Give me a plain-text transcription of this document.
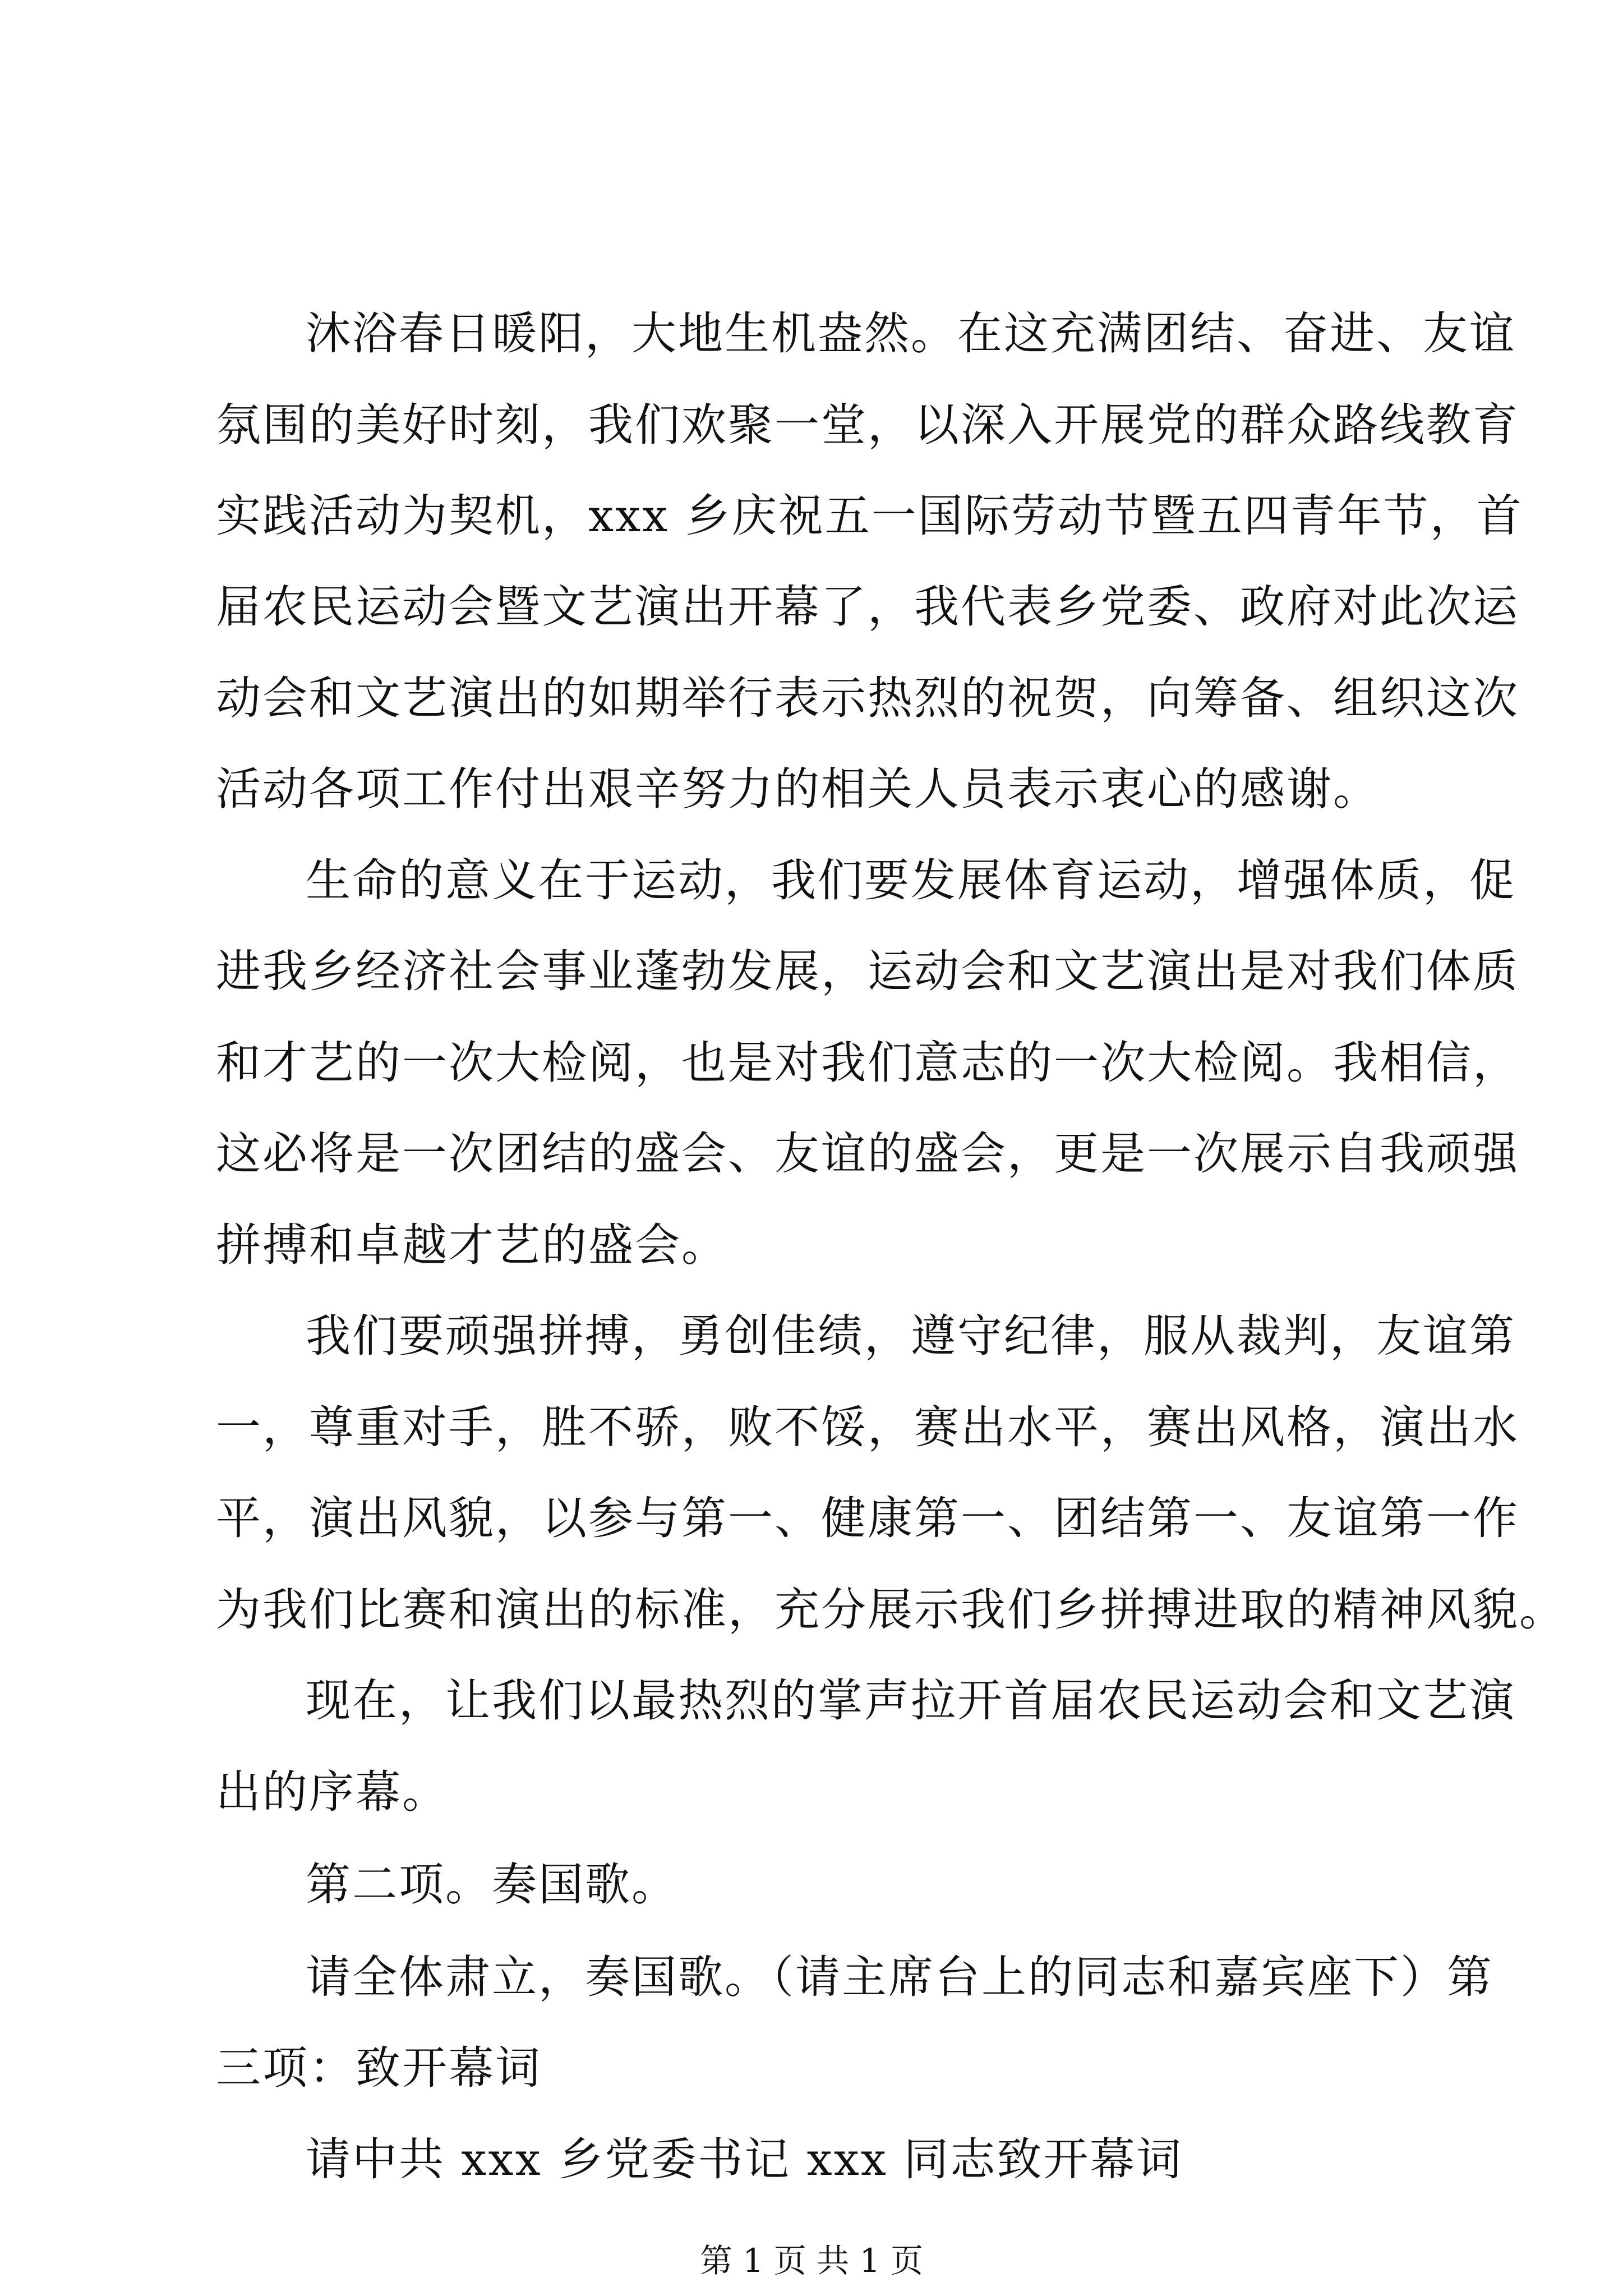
沐浴春日暖阳，大地生机盎然。在这充满团结、奋进、友谊

氛围的美好时刻，我们欢聚一堂，以深入开展党的群众路线教育

实践活动为契机，xxx 乡庆祝五一国际劳动节暨五四青年节，首

届农民运动会暨文艺演出开幕了，我代表乡党委、政府对此次运

动会和文艺演出的如期举行表示热烈的祝贺，向筹备、组织这次

活动各项工作付出艰辛努力的相关人员表示衷心的感谢。

生命的意义在于运动，我们要发展体育运动，增强体质，促

进我乡经济社会事业蓬勃发展，运动会和文艺演出是对我们体质

和才艺的一次大检阅，也是对我们意志的一次大检阅。我相信，

这必将是一次团结的盛会、友谊的盛会，更是一次展示自我顽强

拼搏和卓越才艺的盛会。

我们要顽强拼搏，勇创佳绩，遵守纪律，服从裁判，友谊第

一，尊重对手，胜不骄，败不馁，赛出水平，赛出风格，演出水

平，演出风貌，以参与第一、健康第一、团结第一、友谊第一作

为我们比赛和演出的标准，充分展示我们乡拼搏进取的精神风貌。

现在，让我们以最热烈的掌声拉开首届农民运动会和文艺演

出的序幕。

第二项。奏国歌。

请全体肃立，奏国歌。（请主席台上的同志和嘉宾座下）第

三项：致开幕词

请中共 xxx 乡党委书记 xxx 同志致开幕词

第 1 页 共 1 页
